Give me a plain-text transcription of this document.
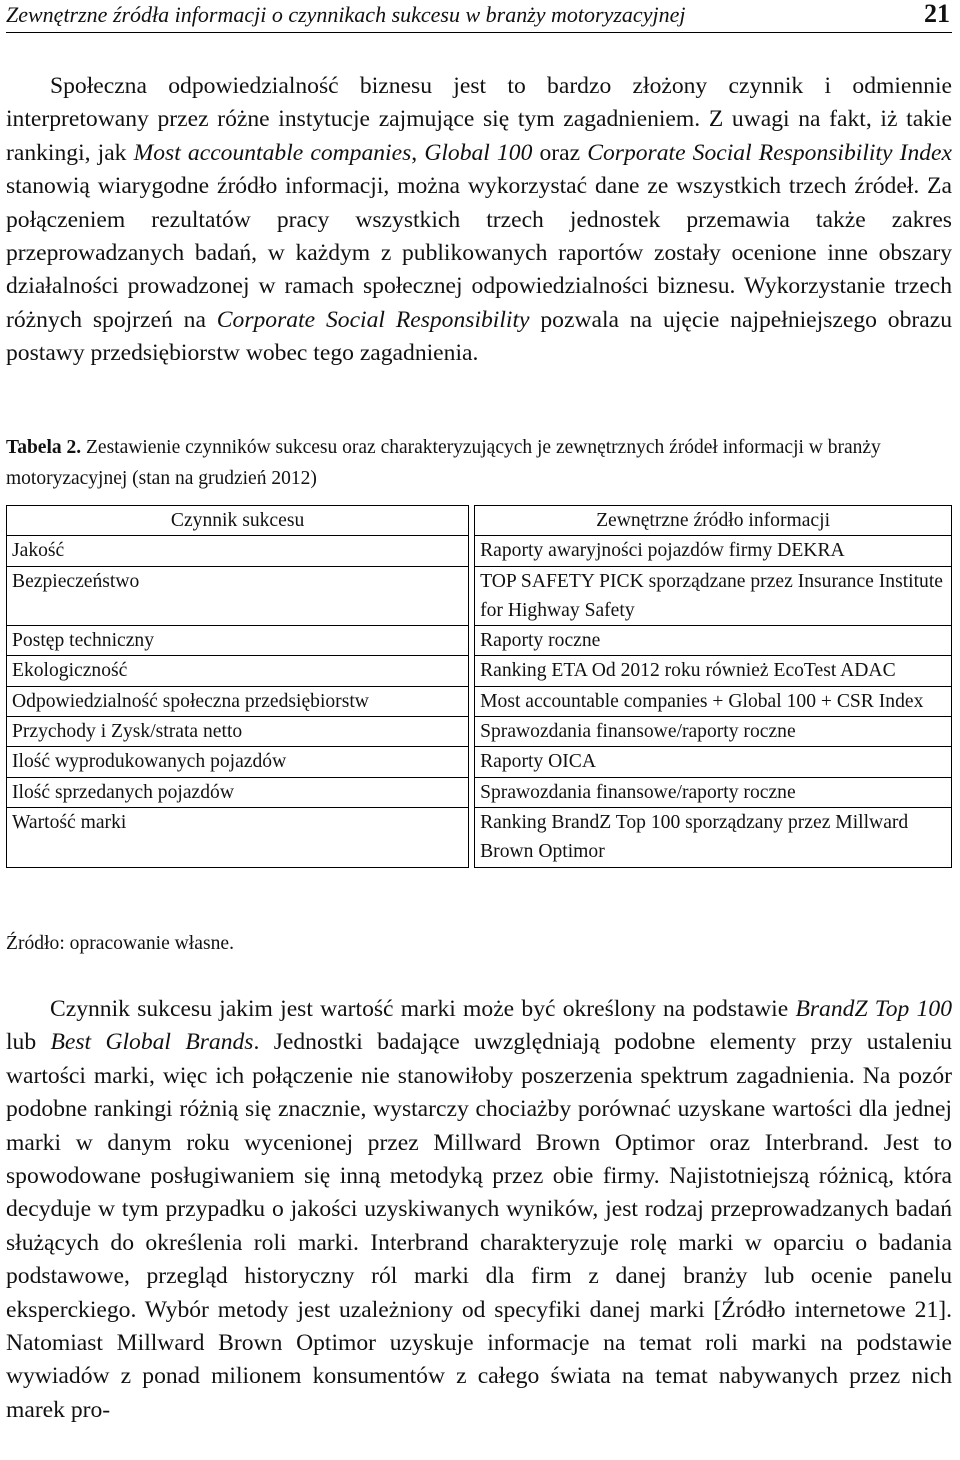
Zewnętrzne źródła informacji o czynnikach sukcesu w branży motoryzacyjnej	21

Społeczna odpowiedzialność biznesu jest to bardzo złożony czynnik i odmiennie interpretowany przez różne instytucje zajmujące się tym zagadnieniem. Z uwagi na fakt, iż takie rankingi, jak Most accountable companies, Global 100 oraz Corporate Social Responsibility Index stanowią wiarygodne źródło informacji, można wykorzystać dane ze wszystkich trzech źródeł. Za połączeniem rezultatów pracy wszystkich trzech jednostek przemawia także zakres przeprowadzanych badań, w każdym z publikowanych raportów zostały ocenione inne obszary działalności prowadzonej w ramach społecznej odpowiedzialności biznesu. Wykorzystanie trzech różnych spojrzeń na Corporate Social Responsibility pozwala na ujęcie najpełniejszego obrazu postawy przedsiębiorstw wobec tego zagadnienia.

Tabela 2. Zestawienie czynników sukcesu oraz charakteryzujących je zewnętrznych źródeł informacji w branży motoryzacyjnej (stan na grudzień 2012)
Czynnik sukcesu		Zewnętrzne źródło informacji
Jakość		Raporty awaryjności pojazdów firmy DEKRA
Bezpieczeństwo		TOP SAFETY PICK sporządzane przez Insurance Institute for Highway Safety
Postęp techniczny		Raporty roczne
Ekologiczność		Ranking ETA Od 2012 roku również EcoTest ADAC
Odpowiedzialność społeczna przedsiębiorstw		Most accountable companies + Global 100 + CSR Index
Przychody i Zysk/strata netto		Sprawozdania finansowe/raporty roczne
Ilość wyprodukowanych pojazdów		Raporty OICA
Ilość sprzedanych pojazdów		Sprawozdania finansowe/raporty roczne
Wartość marki		Ranking BrandZ Top 100 sporządzany przez Millward Brown Optimor
Źródło: opracowanie własne.

Czynnik sukcesu jakim jest wartość marki może być określony na podstawie BrandZ Top 100 lub Best Global Brands. Jednostki badające uwzględniają podobne elementy przy ustaleniu wartości marki, więc ich połączenie nie stanowiłoby poszerzenia spektrum zagadnienia. Na pozór podobne rankingi różnią się znacznie, wystarczy chociażby porównać uzyskane wartości dla jednej marki w danym roku wycenionej przez Millward Brown Optimor oraz Interbrand. Jest to spowodowane posługiwaniem się inną metodyką przez obie firmy. Najistotniejszą różnicą, która decyduje w tym przypadku o jakości uzyskiwanych wyników, jest rodzaj przeprowadzanych badań służących do określenia roli marki. Interbrand charakteryzuje rolę marki w oparciu o badania podstawowe, przegląd historyczny ról marki dla firm z danej branży lub ocenie panelu eksperckiego. Wybór metody jest uzależniony od specyfiki danej marki [Źródło internetowe 21]. Natomiast Millward Brown Optimor uzyskuje informacje na temat roli marki na podstawie wywiadów z ponad milionem konsumentów z całego świata na temat nabywanych przez nich marek pro-
